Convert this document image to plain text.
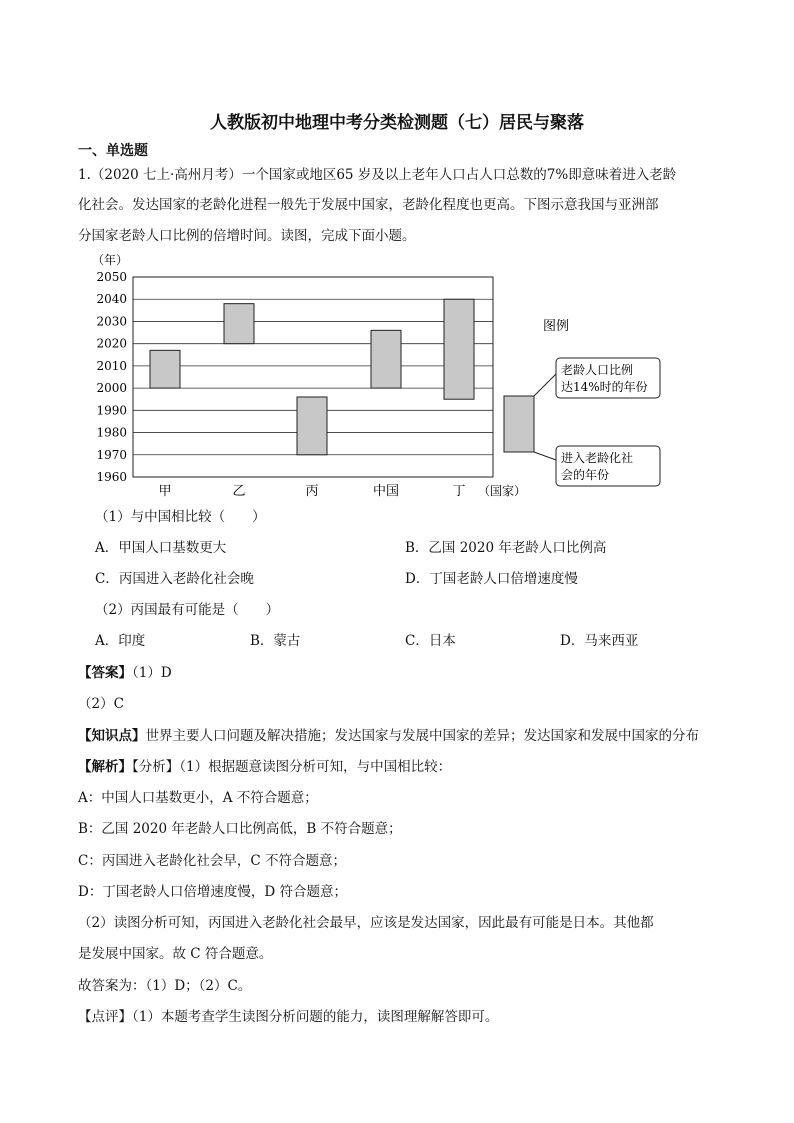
人教版初中地理中考分类检测题（七）居民与聚落
一、单选题
1.（2020 七上·高州月考）一个国家或地区65 岁及以上老年人口占人口总数的7%即意味着进入老龄
化社会。发达国家的老龄化进程一般先于发展中国家，老龄化程度也更高。下图示意我国与亚洲部
分国家老龄人口比例的倍增时间。读图，完成下面小题。
（年）
2050
2040
2030
2020
2010
2000
1990
1980
1970
1960
甲	乙	丙	中国	丁 （国家）
图例
老龄人口比例
达14%时的年份
进入老龄化社
会的年份
（1）与中国相比较（　　）
A．甲国人口基数更大	B．乙国 2020 年老龄人口比例高
C．丙国进入老龄化社会晚	D．丁国老龄人口倍增速度慢
（2）丙国最有可能是（　　）
A．印度	B．蒙古	C．日本	D．马来西亚
【答案】（1）D
（2）C
【知识点】世界主要人口问题及解决措施；发达国家与发展中国家的差异；发达国家和发展中国家的分布
【解析】【分析】（1）根据题意读图分析可知，与中国相比较：
A：中国人口基数更小，A 不符合题意；
B：乙国 2020 年老龄人口比例高低，B 不符合题意；
C：丙国进入老龄化社会早，C 不符合题意；
D：丁国老龄人口倍增速度慢，D 符合题意；
（2）读图分析可知，丙国进入老龄化社会最早，应该是发达国家，因此最有可能是日本。其他都
是发展中国家。故 C 符合题意。
故答案为：（1）D；（2）C。
【点评】（1）本题考查学生读图分析问题的能力，读图理解解答即可。
